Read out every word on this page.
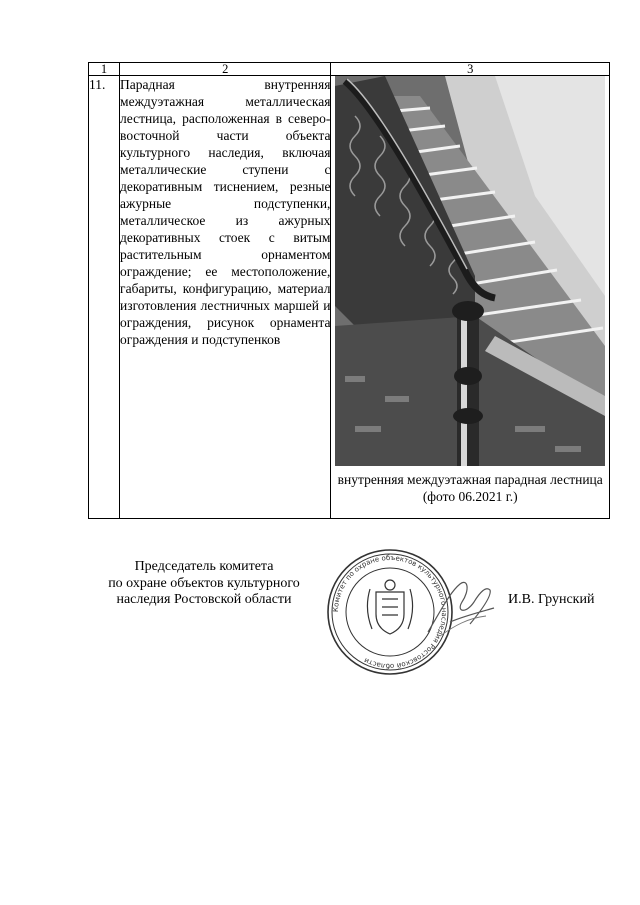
1	2	3
11.	Парадная внутренняя междуэтажная металлическая лестница, расположенная в северо-восточной части объекта культурного наследия, включая металлические ступени с декоративным тиснением, резные ажурные подступенки, металлическое из ажурных декоративных стоек с витым растительным орнаментом ограждение; ее местоположение, габариты, конфигурацию, материал изготовления лестничных маршей и ограждения, рисунок орнамента ограждения и подступенков	внутренняя междуэтажная парадная лестница (фото 06.2021 г.)
Председатель комитета
по охране объектов культурного
наследия Ростовской области
Комитет по охране объектов культурного наследия Ростовской области
И.В. Грунский
